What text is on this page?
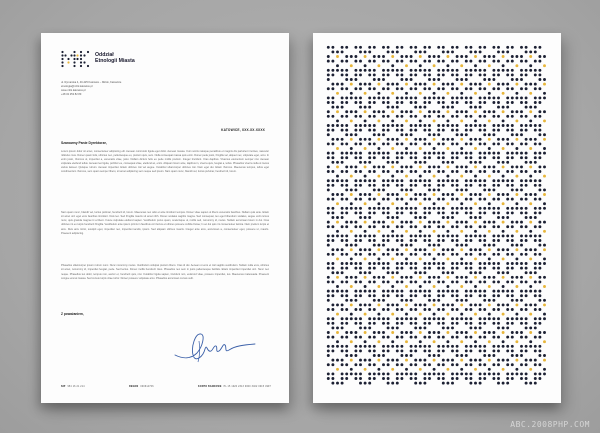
Oddział
Etnologii Miasta
ul. Rymarska 4, 40-425 Katowice – Mińsk, Katowicie
etnologia@mhk.katowice.pl
www.mhk.katowice.pl
+48 32 253 82 89
KATOWICE, XXX.XX.XXXX
Szanowny Panie Dyrektorze,
Lorem ipsum dolor sit amet, consectetuer adipiscing elit. Aenean commodo ligula eget dolor. Aenean massa. Cum sociis natoque penatibus et magnis dis parturient montes, nascetur ridiculus mus. Donec quam felis, ultricies nec, pellentesque eu, pretium quis, sem. Nulla consequat massa quis enim. Donec pede justo, fringilla vel, aliquet nec, vulputate eget, arcu. In enim justo, rhoncus ut, imperdiet a, venenatis vitae, justo. Nullam dictum felis eu pede mollis pretium. Integer tincidunt. Cras dapibus. Vivamus elementum semper nisi. Aenean vulputate eleifend tellus. Aenean leo ligula, porttitor eu, consequat vitae, eleifend ac, enim. Aliquam lorem ante, dapibus in, viverra quis, feugiat a, tellus. Phasellus viverra nulla ut metus varius laoreet. Quisque rutrum. Aenean imperdiet. Etiam ultricies nisi vel augue. Curabitur ullamcorper ultricies nisi. Nam eget dui. Etiam rhoncus. Maecenas tempus, tellus eget condimentum rhoncus, sem quam semper libero, sit amet adipiscing sem neque sed ipsum. Nam quam nunc, blandit vel, luctus pulvinar, hendrerit id, lorem.
Nam quam nunc, blandit vel, luctus pulvinar, hendrerit id, lorem. Maecenas nec odio et ante tincidunt tempus. Donec vitae sapien ut libero venenatis faucibus. Nullam quis ante. Etiam sit amet orci eget eros faucibus tincidunt. Duis leo. Sed fringilla mauris sit amet nibh. Donec sodales sagittis magna. Sed consequat, leo eget bibendum sodales, augue velit cursus nunc, quis gravida magna mi a libero. Fusce vulputate eleifend sapien. Vestibulum purus quam, scelerisque ut, mollis sed, nonummy id, metus. Nullam accumsan lorem in dui. Cras ultricies mi eu turpis hendrerit fringilla. Vestibulum ante ipsum primis in faucibus orci luctus et ultrices posuere cubilia Curae; In ac dui quis mi consectetuer lacinia. Nam pretium turpis et arcu. Duis arcu tortor, suscipit eget, imperdiet nec, imperdiet iaculis, ipsum. Sed aliquam ultrices mauris. Integer ante arcu, accumsan a, consectetuer eget, posuere ut, mauris. Praesent adipiscing.
Phasellus ullamcorper ipsum rutrum nunc. Nunc nonummy metus. Vestibulum volutpat pretium libero. Cras id dui. Aenean ut eros et nisl sagittis vestibulum. Nullam nulla eros, ultricies sit amet, nonummy id, imperdiet feugiat, pede. Sed lectus. Donec mollis hendrerit risus. Phasellus nec sem in justo pellentesque facilisis. Etiam imperdiet imperdiet orci. Nunc nec neque. Phasellus leo dolor, tempus non, auctor et, hendrerit quis, nisi. Curabitur ligula sapien, tincidunt non, euismod vitae, posuere imperdiet, leo. Maecenas malesuada. Praesent congue erat at massa. Sed cursus turpis vitae tortor. Donec posuere vulputate arcu. Phasellus accumsan cursus velit.
Z poważaniem,
NIP 954 16 21 214	REGON 000614706	KONTO BANKOWE PL 15 1020 2313 0000 3402 0015 4997
ABC.2008PHP.COM
